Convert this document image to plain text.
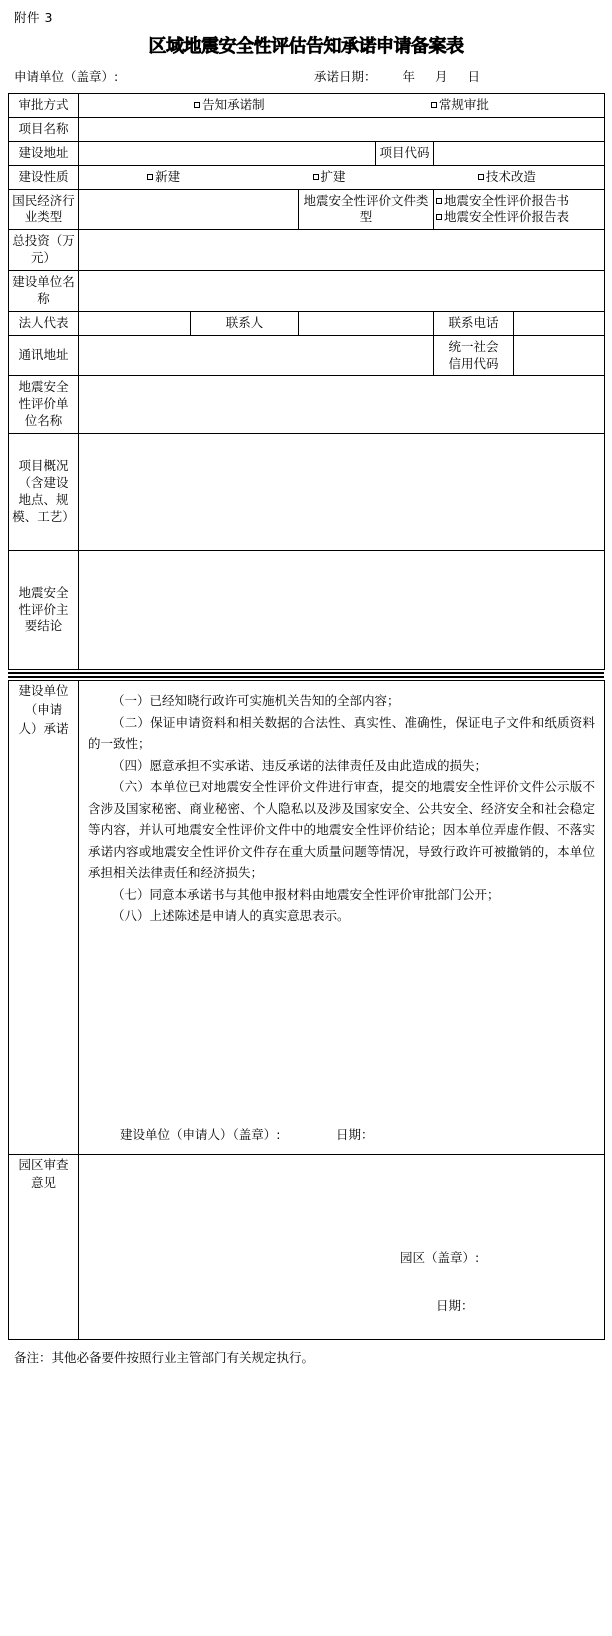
附件 3
区域地震安全性评估告知承诺申请备案表
申请单位（盖章）:	承诺日期： 年 月 日
审批方式	告知承诺制 常规审批					

项目名称						
建设地址				项目代码		
建设性质	新建 扩建 技术改造					

国民经济行业类型			地震安全性评价文件类型		地震安全性评价报告书
地震安全性评价报告表	

总投资（万元）						
建设单位名称						
法人代表		联系人			联系电话	
通讯地址					统一社会
信用代码	

地震安全
性评价单
位名称						

项目概况
（含建设
地点、规
模、工艺）						

地震安全
性评价主
要结论						

建设单位
（申请
人）承诺

（一）已经知晓行政许可实施机关告知的全部内容；

（二）保证申请资料和相关数据的合法性、真实性、准确性，保证电子文件和纸质资料的一致性；

（四）愿意承担不实承诺、违反承诺的法律责任及由此造成的损失；

（六）本单位已对地震安全性评价文件进行审查，提交的地震安全性评价文件公示版不含涉及国家秘密、商业秘密、个人隐私以及涉及国家安全、公共安全、经济安全和社会稳定等内容，并认可地震安全性评价文件中的地震安全性评价结论；因本单位弄虚作假、不落实承诺内容或地震安全性评价文件存在重大质量问题等情况，导致行政许可被撤销的，本单位承担相关法律责任和经济损失；

（七）同意本承诺书与其他申报材料由地震安全性评价审批部门公开；

（八）上述陈述是申请人的真实意思表示。

建设单位（申请人）（盖章）:	日期：

园区审查
意见

园区（盖章）:
日期：
备注：其他必备要件按照行业主管部门有关规定执行。
